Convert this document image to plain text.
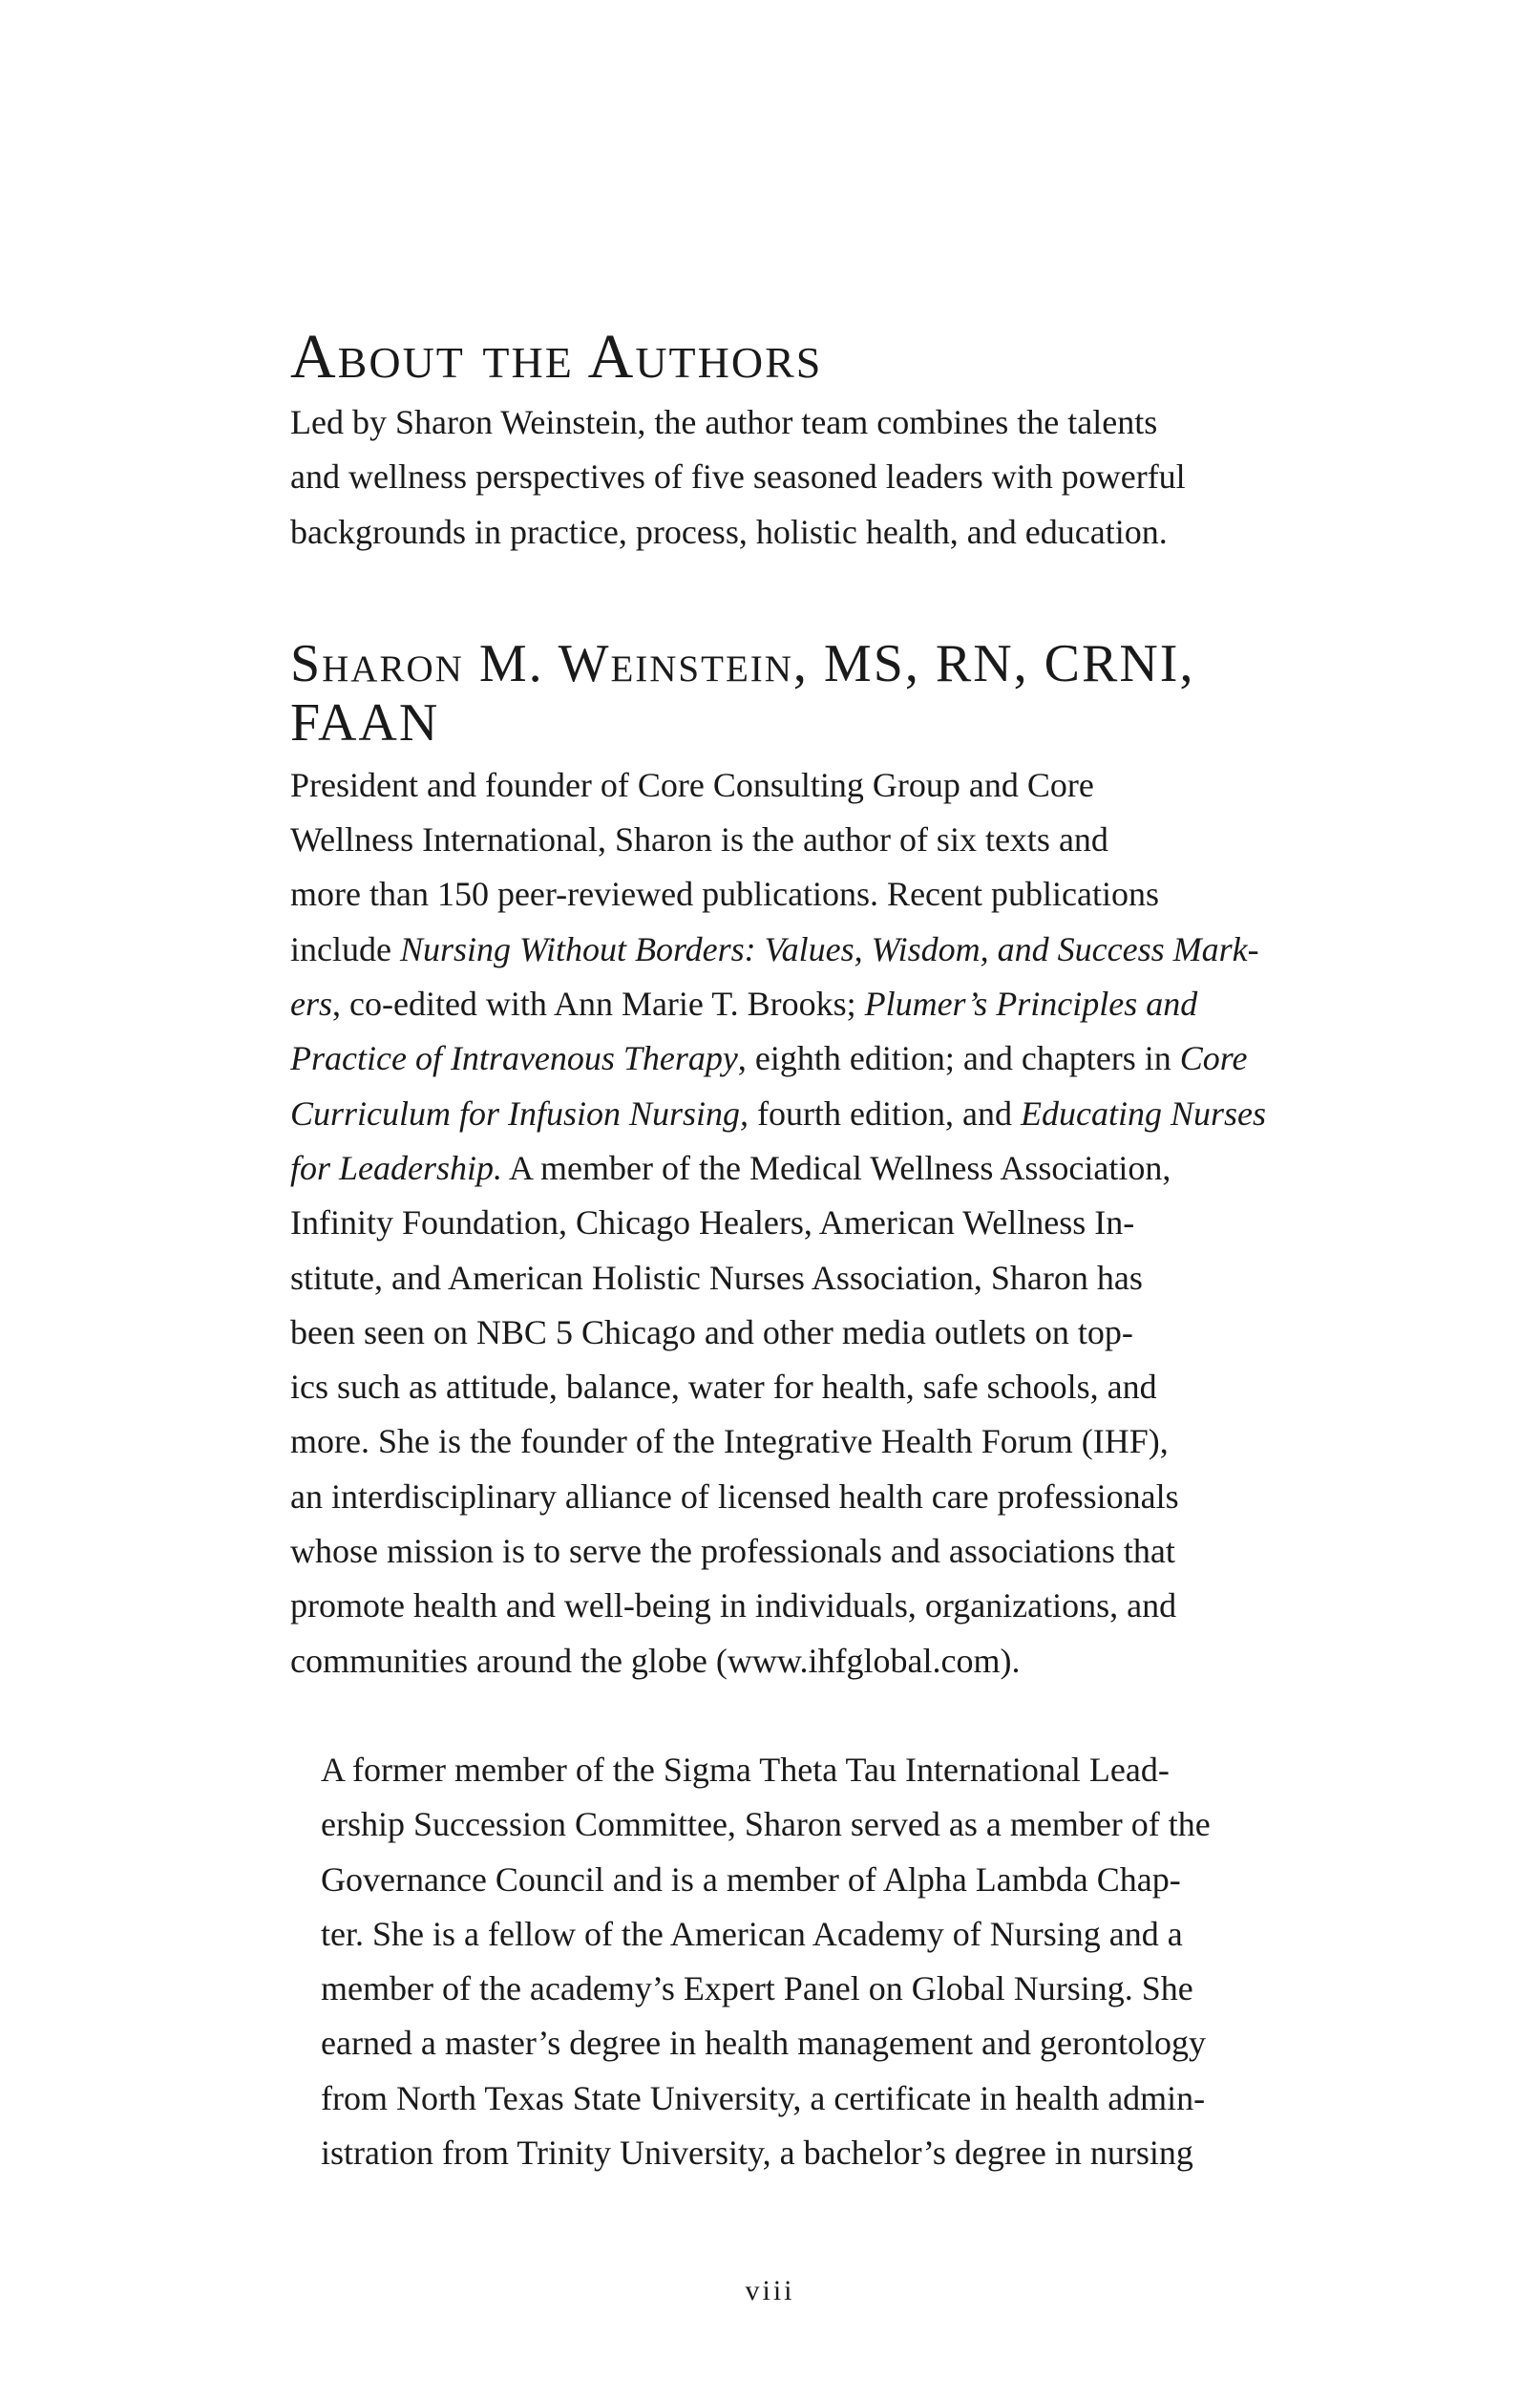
About the Authors

Led by Sharon Weinstein, the author team combines the talents
and wellness perspectives of five seasoned leaders with powerful
backgrounds in practice, process, holistic health, and education.

Sharon M. Weinstein, MS, RN, CRNI,
FAAN

President and founder of Core Consulting Group and Core
Wellness International, Sharon is the author of six texts and
more than 150 peer-reviewed publications. Recent publications
include Nursing Without Borders: Values, Wisdom, and Success Mark-
ers, co-edited with Ann Marie T. Brooks; Plumer’s Principles and
Practice of Intravenous Therapy, eighth edition; and chapters in Core
Curriculum for Infusion Nursing, fourth edition, and Educating Nurses
for Leadership. A member of the Medical Wellness Association,
Infinity Foundation, Chicago Healers, American Wellness In-
stitute, and American Holistic Nurses Association, Sharon has
been seen on NBC 5 Chicago and other media outlets on top-
ics such as attitude, balance, water for health, safe schools, and
more. She is the founder of the Integrative Health Forum (IHF),
an interdisciplinary alliance of licensed health care professionals
whose mission is to serve the professionals and associations that
promote health and well-being in individuals, organizations, and
communities around the globe (www.ihfglobal.com).

A former member of the Sigma Theta Tau International Lead-
ership Succession Committee, Sharon served as a member of the
Governance Council and is a member of Alpha Lambda Chap-
ter. She is a fellow of the American Academy of Nursing and a
member of the academy’s Expert Panel on Global Nursing. She
earned a master’s degree in health management and gerontology
from North Texas State University, a certificate in health admin-
istration from Trinity University, a bachelor’s degree in nursing

viii
